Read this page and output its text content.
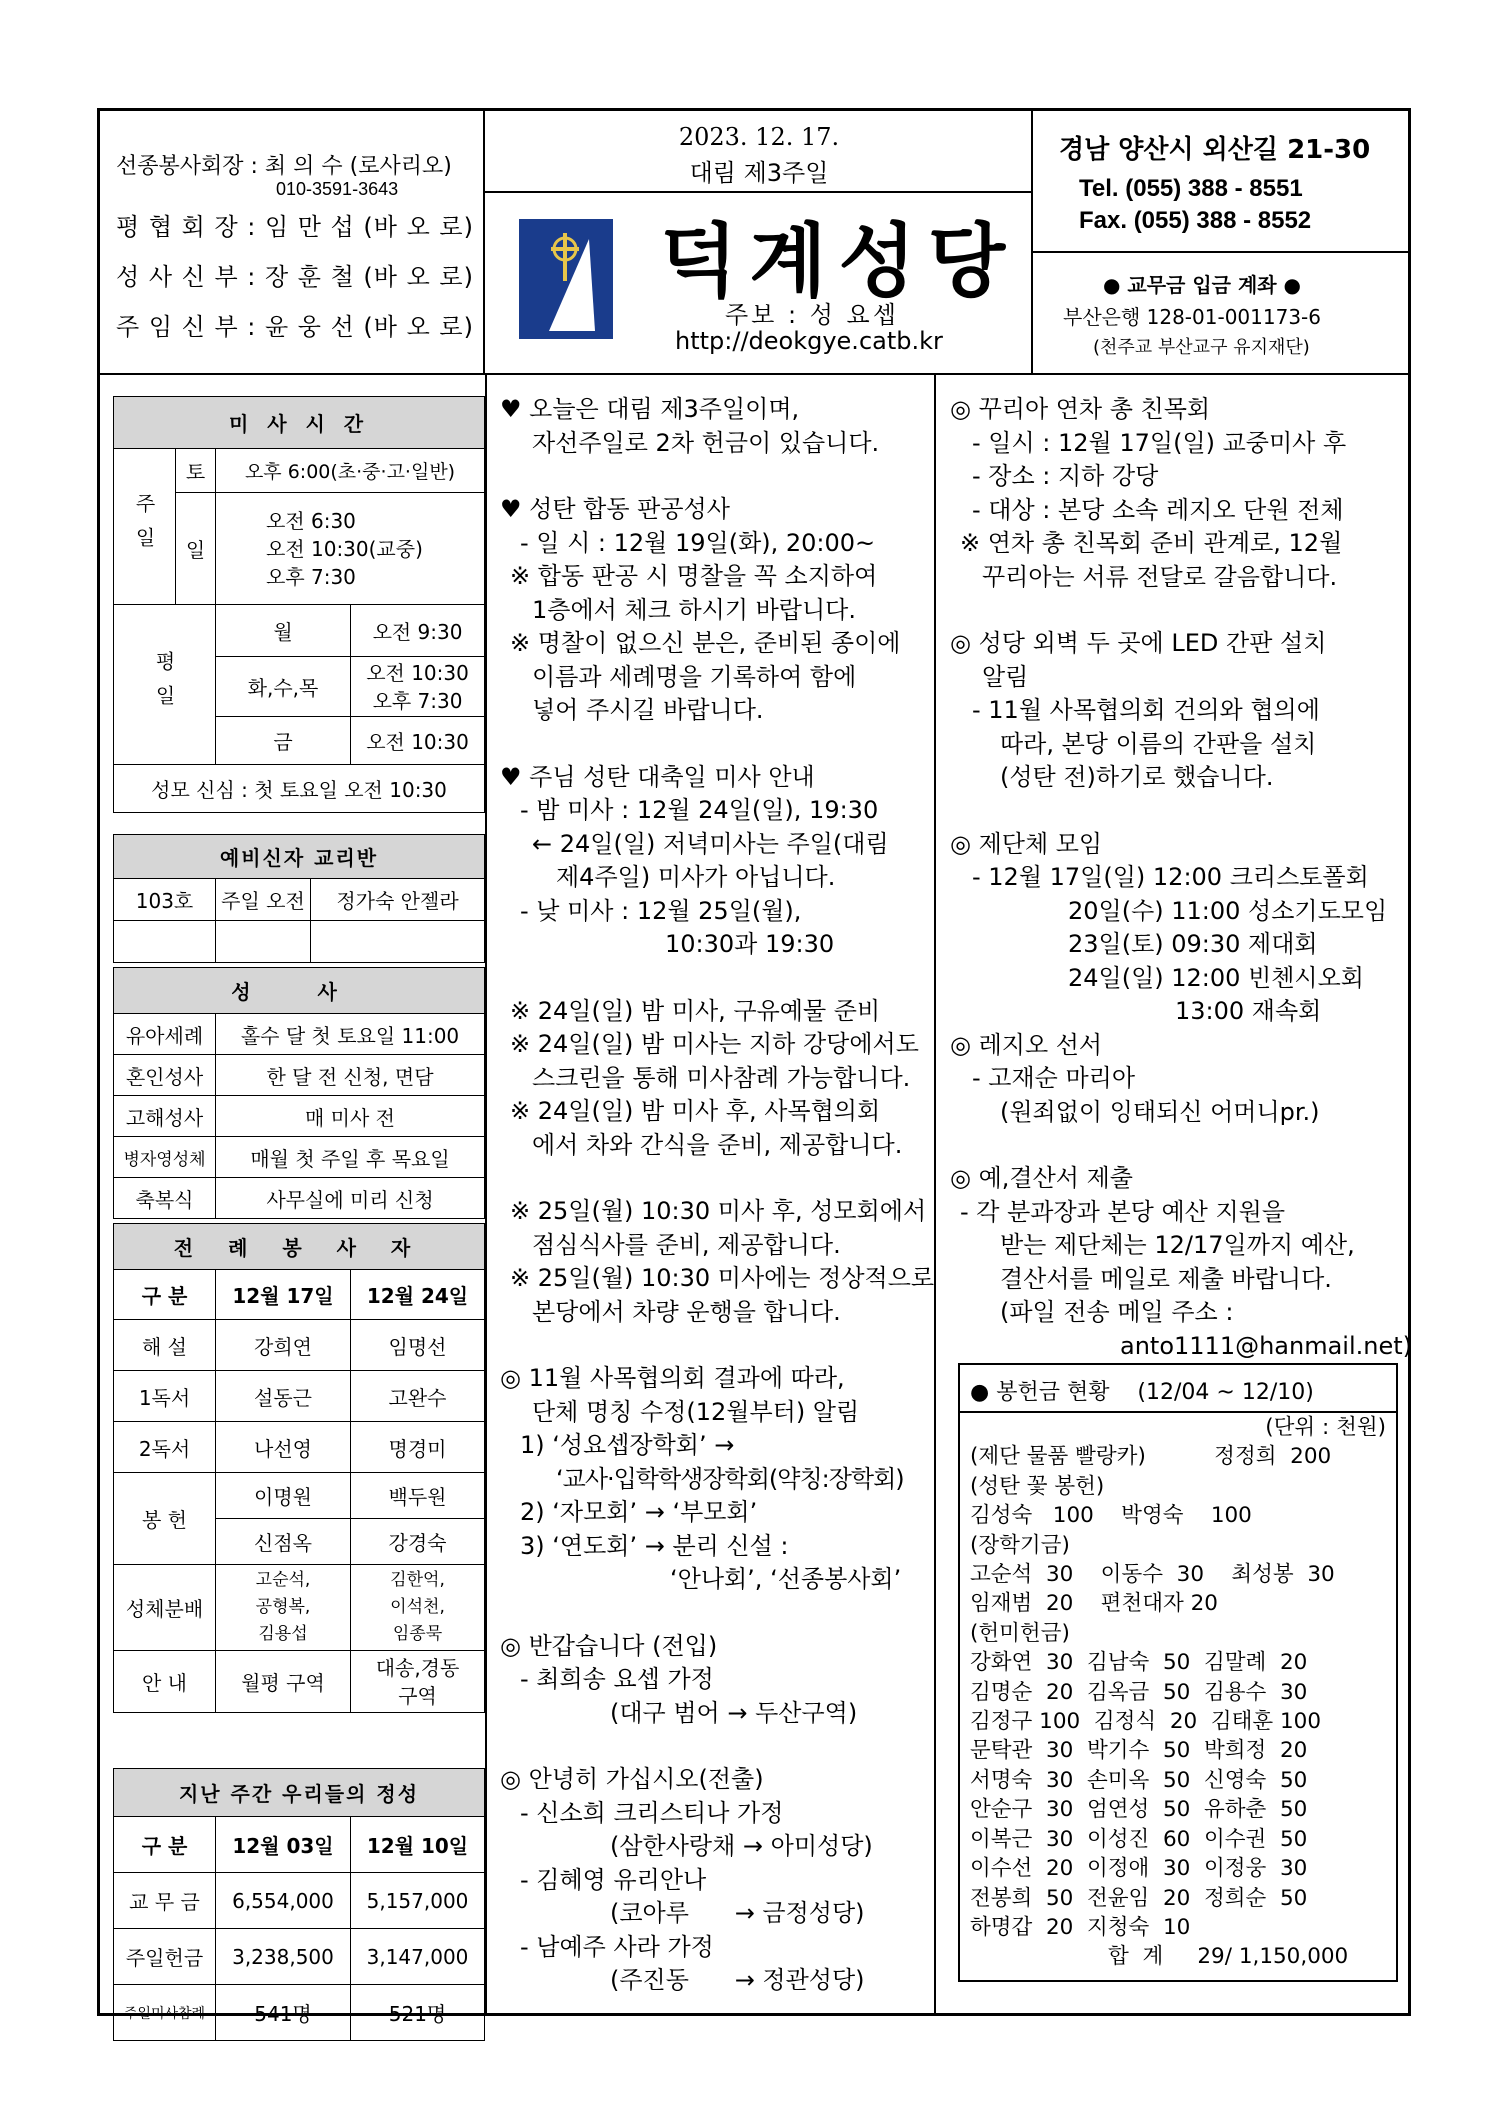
선종봉사회장 : 최 의 수 (로사리오)
010-3591-3643
평 협 회 장 : 임 만 섭 (바 오 로)
성 사 신 부 : 장 훈 철 (바 오 로)
주 임 신 부 : 윤 웅 선 (바 오 로)
2023. 12. 17.
대림 제3주일
덕계성당
주보 : 성 요셉
http://deokgye.catb.kr
경남 양산시 외산길 21-30
Tel. (055) 388 - 8551
Fax. (055) 388 - 8552
● 교무금 입금 계좌 ●
부산은행 128-01-001173-6
(천주교 부산교구 유지재단)
미 사 시 간			
주일	토	오후 6:00(초·중·고·일반)	
	일	오전 6:30
오전 10:30(교중)
오후 7:30	

평일		월	오전 9:30
		화,수,목	오전 10:30
오후 7:30

		금	오전 10:30
성모 신심 : 첫 토요일 오전 10:30			
예비신자 교리반		
103호	주일 오전	정가숙 안젤라

성 사	
유아세례	홀수 달 첫 토요일 11:00
혼인성사	한 달 전 신청, 면담
고해성사	매 미사 전
병자영성체	매월 첫 주일 후 목요일
축복식	사무실에 미리 신청
전 례 봉 사 자		
구 분	12월 17일	12월 24일
해 설	강희연	임명선
1독서	설동근	고완수
2독서	나선영	명경미
봉 헌	이명원	백두원
	신점옥	강경숙
성체분배	고순석,
공형복,
김용섭	김한억,
이석천,
임종묵

안 내	월평 구역	대송,경동
구역
지난 주간 우리들의 정성		
구 분	12월 03일	12월 10일
교 무 금	6,554,000	5,157,000
주일헌금	3,238,500	3,147,000
주일미사참례	541명	521명
♥ 오늘은 대림 제3주일이며,
자선주일로 2차 헌금이 있습니다.
♥ 성탄 합동 판공성사
- 일 시 : 12월 19일(화), 20:00~
※ 합동 판공 시 명찰을 꼭 소지하여
1층에서 체크 하시기 바랍니다.
※ 명찰이 없으신 분은, 준비된 종이에
이름과 세례명을 기록하여 함에
넣어 주시길 바랍니다.
♥ 주님 성탄 대축일 미사 안내
- 밤 미사 : 12월 24일(일), 19:30
← 24일(일) 저녁미사는 주일(대림
제4주일) 미사가 아닙니다.
- 낮 미사 : 12월 25일(월),
10:30과 19:30
※ 24일(일) 밤 미사, 구유예물 준비
※ 24일(일) 밤 미사는 지하 강당에서도
스크린을 통해 미사참례 가능합니다.
※ 24일(일) 밤 미사 후, 사목협의회
에서 차와 간식을 준비, 제공합니다.
※ 25일(월) 10:30 미사 후, 성모회에서
점심식사를 준비, 제공합니다.
※ 25일(월) 10:30 미사에는 정상적으로
본당에서 차량 운행을 합니다.
◎ 11월 사목협의회 결과에 따라,
단체 명칭 수정(12월부터) 알림
1) ‘성요셉장학회’ →
‘교사·입학학생장학회(약칭:장학회)
2) ‘자모회’ → ‘부모회’
3) ‘연도회’ → 분리 신설 :
‘안나회’, ‘선종봉사회’
◎ 반갑습니다 (전입)
- 최희송 요셉 가정
(대구 범어 → 두산구역)
◎ 안녕히 가십시오(전출)
- 신소희 크리스티나 가정
(삼한사랑채 → 아미성당)
- 김혜영 유리안나
(코아루      → 금정성당)
- 남예주 사라 가정
(주진동      → 정관성당)
◎ 꾸리아 연차 총 친목회
- 일시 : 12월 17일(일) 교중미사 후
- 장소 : 지하 강당
- 대상 : 본당 소속 레지오 단원 전체
※ 연차 총 친목회 준비 관계로, 12월
꾸리아는 서류 전달로 갈음합니다.
◎ 성당 외벽 두 곳에 LED 간판 설치
알림
- 11월 사목협의회 건의와 협의에
따라, 본당 이름의 간판을 설치
(성탄 전)하기로 했습니다.
◎ 제단체 모임
- 12월 17일(일) 12:00 크리스토폴회
20일(수) 11:00 성소기도모임
23일(토) 09:30 제대회
24일(일) 12:00 빈첸시오회
13:00 재속회
◎ 레지오 선서
- 고재순 마리아
(원죄없이 잉태되신 어머니pr.)
◎ 예,결산서 제출
- 각 분과장과 본당 예산 지원을
받는 제단체는 12/17일까지 예산,
결산서를 메일로 제출 바랍니다.
(파일 전송 메일 주소 :
anto1111@hanmail.net)
● 봉헌금 현황    (12/04 ~ 12/10)
(단위 : 천원)
(제단 물품 빨랑카)          정정희  200
(성탄 꽃 봉헌)
김성숙   100    박영숙    100
(장학기금)
고순석  30    이동수  30    최성봉  30
임재범  20    편천대자 20
(헌미헌금)
강화연  30  김남숙  50  김말례  20
김명순  20  김옥금  50  김용수  30
김정구 100  김정식  20  김태훈 100
문탁관  30  박기수  50  박희정  20
서명숙  30  손미옥  50  신영숙  50
안순구  30  엄연성  50  유하춘  50
이복근  30  이성진  60  이수권  50
이수선  20  이정애  30  이정웅  30
전봉희  50  전윤임  20  정희순  50
하명갑  20  지청숙  10
합  계     29/ 1,150,000
